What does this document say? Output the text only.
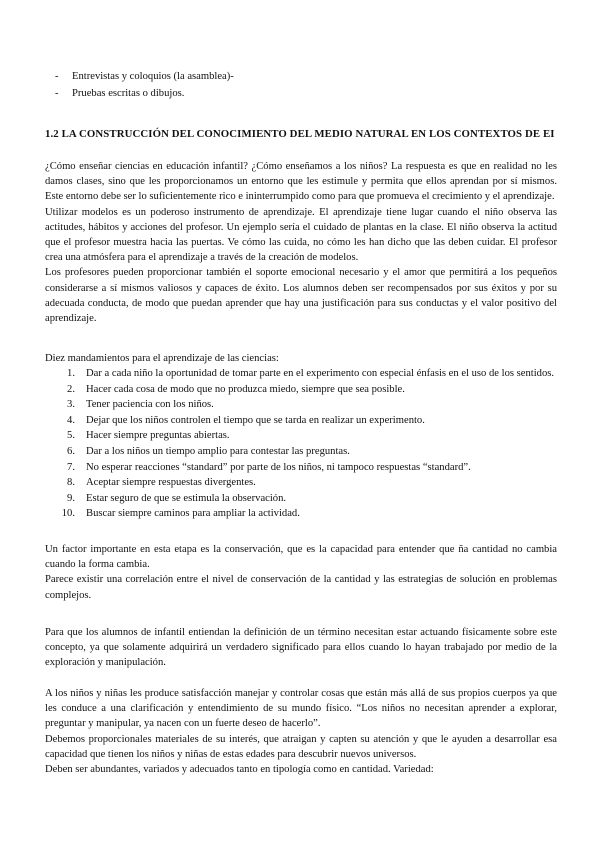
-	Entrevistas y coloquios (la asamblea)-
-	Pruebas escritas o dibujos.
1.2 LA CONSTRUCCIÓN DEL CONOCIMIENTO DEL MEDIO NATURAL EN LOS CONTEXTOS DE EI

¿Cómo enseñar ciencias en educación infantil? ¿Cómo enseñamos a los niños? La respuesta es que en realidad no les damos clases, sino que les proporcionamos un entorno que les estimule y permita que ellos aprendan por sí mismos. Este entorno debe ser lo suficientemente rico e ininterrumpido como para que promueva el crecimiento y el aprendizaje.

Utilizar modelos es un poderoso instrumento de aprendizaje. El aprendizaje tiene lugar cuando el niño observa las actitudes, hábitos y acciones del profesor. Un ejemplo sería el cuidado de plantas en la clase. El niño observa la actitud que el profesor muestra hacia las puertas. Ve cómo las cuida, no cómo les han dicho que las deben cuidar. El profesor crea una atmósfera para el aprendizaje a través de la creación de modelos.

Los profesores pueden proporcionar también el soporte emocional necesario y el amor que permitirá a los pequeños considerarse a sí mismos valiosos y capaces de éxito. Los alumnos deben ser recompensados por sus éxitos y por su adecuada conducta, de modo que puedan aprender que hay una justificación para sus conductas y el valor positivo del aprendizaje.

Diez mandamientos para el aprendizaje de las ciencias:

1.	Dar a cada niño la oportunidad de tomar parte en el experimento con especial énfasis en el uso de los sentidos.
2.	Hacer cada cosa de modo que no produzca miedo, siempre que sea posible.
3.	Tener paciencia con los niños.
4.	Dejar que los niños controlen el tiempo que se tarda en realizar un experimento.
5.	Hacer siempre preguntas abiertas.
6.	Dar a los niños un tiempo amplio para contestar las preguntas.
7.	No esperar reacciones “standard” por parte de los niños, ni tampoco respuestas “standard”.
8.	Aceptar siempre respuestas divergentes.
9.	Estar seguro de que se estimula la observación.
10.	Buscar siempre caminos para ampliar la actividad.

Un factor importante en esta etapa es la conservación, que es la capacidad para entender que ña cantidad no cambia cuando la forma cambia.

Parece existir una correlación entre el nivel de conservación de la cantidad y las estrategias de solución en problemas complejos.

Para que los alumnos de infantil entiendan la definición de un término necesitan estar actuando físicamente sobre este concepto, ya que solamente adquirirá un verdadero significado para ellos cuando lo hayan trabajado por medio de la exploración y manipulación.

A los niños y niñas les produce satisfacción manejar y controlar cosas que están más allá de sus propios cuerpos ya que les conduce a una clarificación y entendimiento de su mundo físico. “Los niños no necesitan aprender a explorar, preguntar y manipular, ya nacen con un fuerte deseo de hacerlo”.

Debemos proporcionales materiales de su interés, que atraigan y capten su atención y que le ayuden a desarrollar esa capacidad que tienen los niños y niñas de estas edades para descubrir nuevos universos.

Deben ser abundantes, variados y adecuados tanto en tipología como en cantidad. Variedad:
